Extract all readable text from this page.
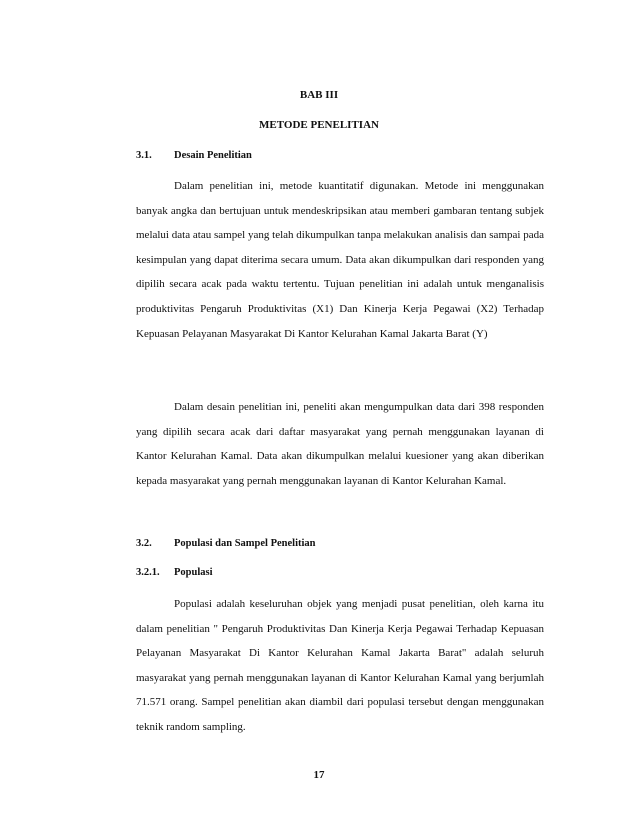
BAB III
METODE PENELITIAN
3.1. Desain Penelitian
Dalam penelitian ini, metode kuantitatif digunakan. Metode ini menggunakan banyak angka dan bertujuan untuk mendeskripsikan atau memberi gambaran tentang subjek melalui data atau sampel yang telah dikumpulkan tanpa melakukan analisis dan sampai pada kesimpulan yang dapat diterima secara umum. Data akan dikumpulkan dari responden yang dipilih secara acak pada waktu tertentu. Tujuan penelitian ini adalah untuk menganalisis produktivitas Pengaruh Produktivitas (X1) Dan Kinerja Kerja Pegawai (X2) Terhadap Kepuasan Pelayanan Masyarakat Di Kantor Kelurahan Kamal Jakarta Barat (Y)
Dalam desain penelitian ini, peneliti akan mengumpulkan data dari 398 responden yang dipilih secara acak dari daftar masyarakat yang pernah menggunakan layanan di Kantor Kelurahan Kamal. Data akan dikumpulkan melalui kuesioner yang akan diberikan kepada masyarakat yang pernah menggunakan layanan di Kantor Kelurahan Kamal.
3.2. Populasi dan Sampel Penelitian
3.2.1. Populasi
Populasi adalah keseluruhan objek yang menjadi pusat penelitian, oleh karna itu dalam penelitian " Pengaruh Produktivitas Dan Kinerja Kerja Pegawai Terhadap Kepuasan Pelayanan Masyarakat Di Kantor Kelurahan Kamal Jakarta Barat" adalah seluruh masyarakat yang pernah menggunakan layanan di Kantor Kelurahan Kamal yang berjumlah 71.571 orang. Sampel penelitian akan diambil dari populasi tersebut dengan menggunakan teknik random sampling.
17
